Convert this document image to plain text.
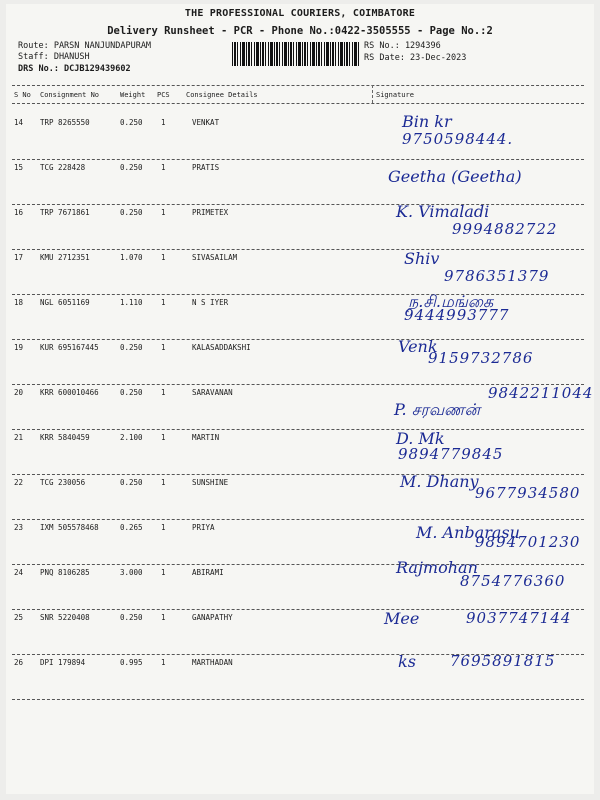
THE PROFESSIONAL COURIERS, COIMBATORE
Delivery Runsheet - PCR - Phone No.:0422-3505555 - Page No.:2
Route: PARSN NANJUNDAPURAM
Staff: DHANUSH
DRS No.: DCJB129439602
RS No.: 1294396
RS Date: 23-Dec-2023
S No Consignment No	Weight PCS Consignee Details	Signature
14 TRP 8265550	0.250 1	VENKAT	Bin kr
9750598444.
15 TCG 228428	0.250 1	PRATIS	Geetha (Geetha)
16 TRP 7671861	0.250 1	PRIMETEX	K. Vimaladi
9994882722
17 KMU 2712351	1.070 1	SIVASAILAM	Shiv
9786351379
18 NGL 6051169	1.110 1	N S IYER	ந.சி.மங்கை
9444993777
19 KUR 695167445	0.250 1	KALASADDAKSHI	Venk
9159732786
20 KRR 600010466	0.250 1	SARAVANAN
P. சரவணன்
9842211044
21 KRR 5840459	2.100 1	MARTIN	D. Mk
9894779845
22 TCG 230056	0.250 1	SUNSHINE	M. Dhany
9677934580
23 IXM 505578468	0.265 1	PRIYA	M. Anbarasu
9894701230
24 PNQ 8106285	3.000 1	ABIRAMI	Rajmohan
8754776360
25 SNR 5220408	0.250 1	GANAPATHY	Mee	9037747144
26 DPI 179894	0.995 1	MARTHADAN	ks 7695891815
